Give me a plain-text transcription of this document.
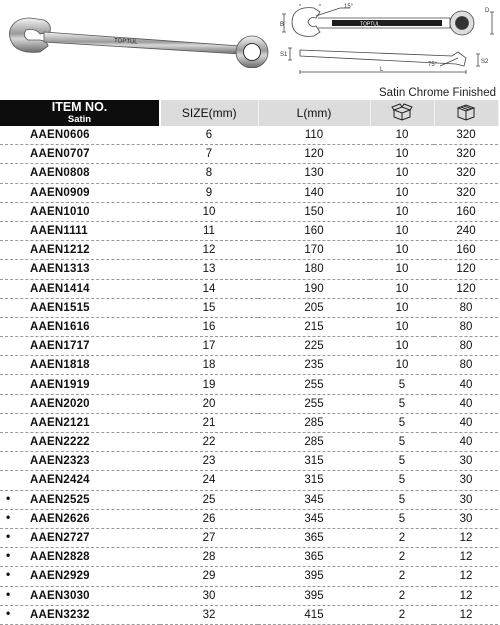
TOPTUL
15°
B
D
S1
S2
75°
L
TOPTUL
Satin Chrome Finished
ITEM NO.
Satin	SIZE(mm)	L(mm)		

AAEN0606	6	110	10	320

AAEN0707	7	120	10	320

AAEN0808	8	130	10	320

AAEN0909	9	140	10	320

AAEN1010	10	150	10	160

AAEN1111	11	160	10	240

AAEN1212	12	170	10	160

AAEN1313	13	180	10	120

AAEN1414	14	190	10	120

AAEN1515	15	205	10	80

AAEN1616	16	215	10	80

AAEN1717	17	225	10	80

AAEN1818	18	235	10	80

AAEN1919	19	255	5	40

AAEN2020	20	255	5	40

AAEN2121	21	285	5	40

AAEN2222	22	285	5	40

AAEN2323	23	315	5	30

AAEN2424	24	315	5	30

• AAEN2525	25	345	5	30

• AAEN2626	26	345	5	30

• AAEN2727	27	365	2	12

• AAEN2828	28	365	2	12

• AAEN2929	29	395	2	12

• AAEN3030	30	395	2	12

• AAEN3232	32	415	2	12
